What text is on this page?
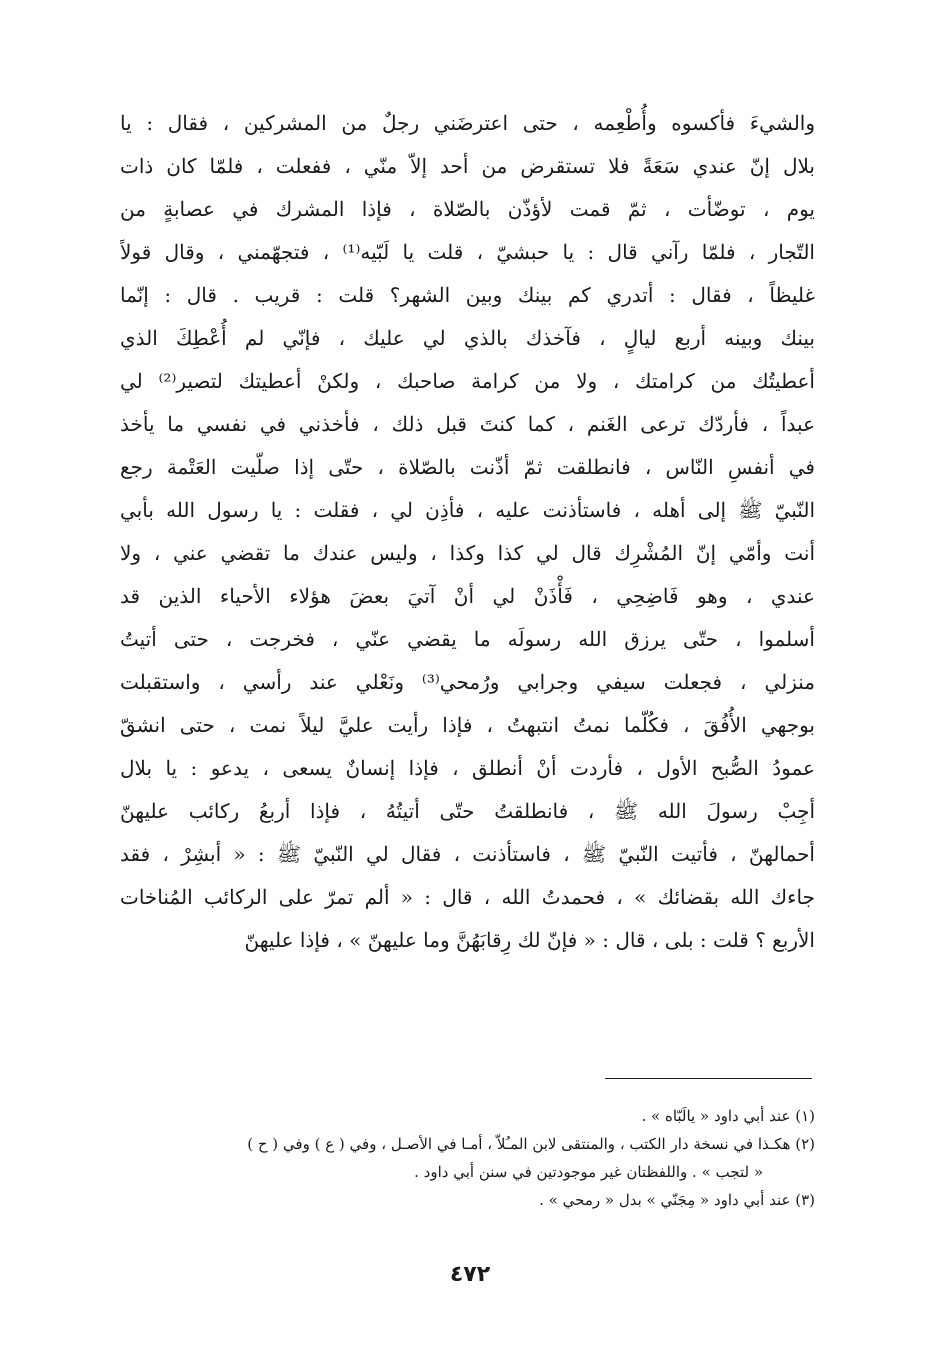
والشيءَ فأكسوه وأُطْعِمه ، حتى اعترضَني رجلٌ من المشركين ، فقال : يا
بلال إنّ عندي سَعَةً فلا تستقرض من أحد إلاّ منّي ، ففعلت ، فلمّا كان ذات
يوم ، توضّأت ، ثمّ قمت لأؤذّن بالصّلاة ، فإذا المشرك في عصابةٍ من
التّجار ، فلمّا رآني قال : يا حبشيّ ، قلت يا لَبّيه⁽¹⁾ ، فتجهّمني ، وقال قولاً
غليظاً ، فقال : أتدري كم بينك وبين الشهر؟ قلت : قريب . قال : إنّما
بينك وبينه أربع ليالٍ ، فآخذك بالذي لي عليك ، فإنّي لم أُعْطِكَ الذي
أعطيتُك من كرامتك ، ولا من كرامة صاحبك ، ولكنْ أعطيتك لتصير⁽²⁾ لي
عبداً ، فأردّك ترعى الغَنم ، كما كنتَ قبل ذلك ، فأخذني في نفسي ما يأخذ
في أنفسِ النّاس ، فانطلقت ثمّ أذّنت بالصّلاة ، حتّى إذا صلّيت العَتْمة رجع
النّبيّ ﷺ إلى أهله ، فاستأذنت عليه ، فأذِن لي ، فقلت : يا رسول الله بأبي
أنت وأمّي إنّ المُشْرِك قال لي كذا وكذا ، وليس عندك ما تقضي عني ، ولا
عندي ، وهو فَاضِحِي ، فَأْذَنْ لي أنْ آتيَ بعضَ هؤلاء الأحياء الذين قد
أسلموا ، حتّى يرزق الله رسولَه ما يقضي عنّي ، فخرجت ، حتى أتيتُ
منزلي ، فجعلت سيفي وجرابي ورُمحي⁽³⁾ ونَعْلي عند رأسي ، واستقبلت
بوجهي الأُفُقَ ، فكُلّما نمتُ انتبهتُ ، فإذا رأيت عليَّ ليلاً نمت ، حتى انشقّ
عمودُ الصُّبح الأول ، فأردت أنْ أنطلق ، فإذا إنسانٌ يسعى ، يدعو : يا بلال
أجِبْ رسولَ الله ﷺ ، فانطلقتُ حتّى أتيتُهُ ، فإذا أربعُ ركائب عليهنّ
أحمالهنّ ، فأتيت النّبيّ ﷺ ، فاستأذنت ، فقال لي النّبيّ ﷺ : « أبشِرْ ، فقد
جاءك الله بقضائك » ، فحمدتُ الله ، قال : « ألم تمرّ على الركائب المُناخات
الأربع ؟ قلت : بلى ، قال : « فإنّ لك رِقابَهُنَّ وما عليهنّ » ، فإذا عليهنّ
(١) عند أبي داود « يالَبّاه » .
(٢) هكـذا في نسخة دار الكتب ، والمنتقى لابن المـُلاّ ، أمـا في الأصـل ، وفي ( ع ) وفي ( ح )
« لتجب » . واللفظتان غير موجودتين في سنن أبي داود .
(٣) عند أبي داود « مِجَنّي » بدل « رمحي » .
٤٧٢
